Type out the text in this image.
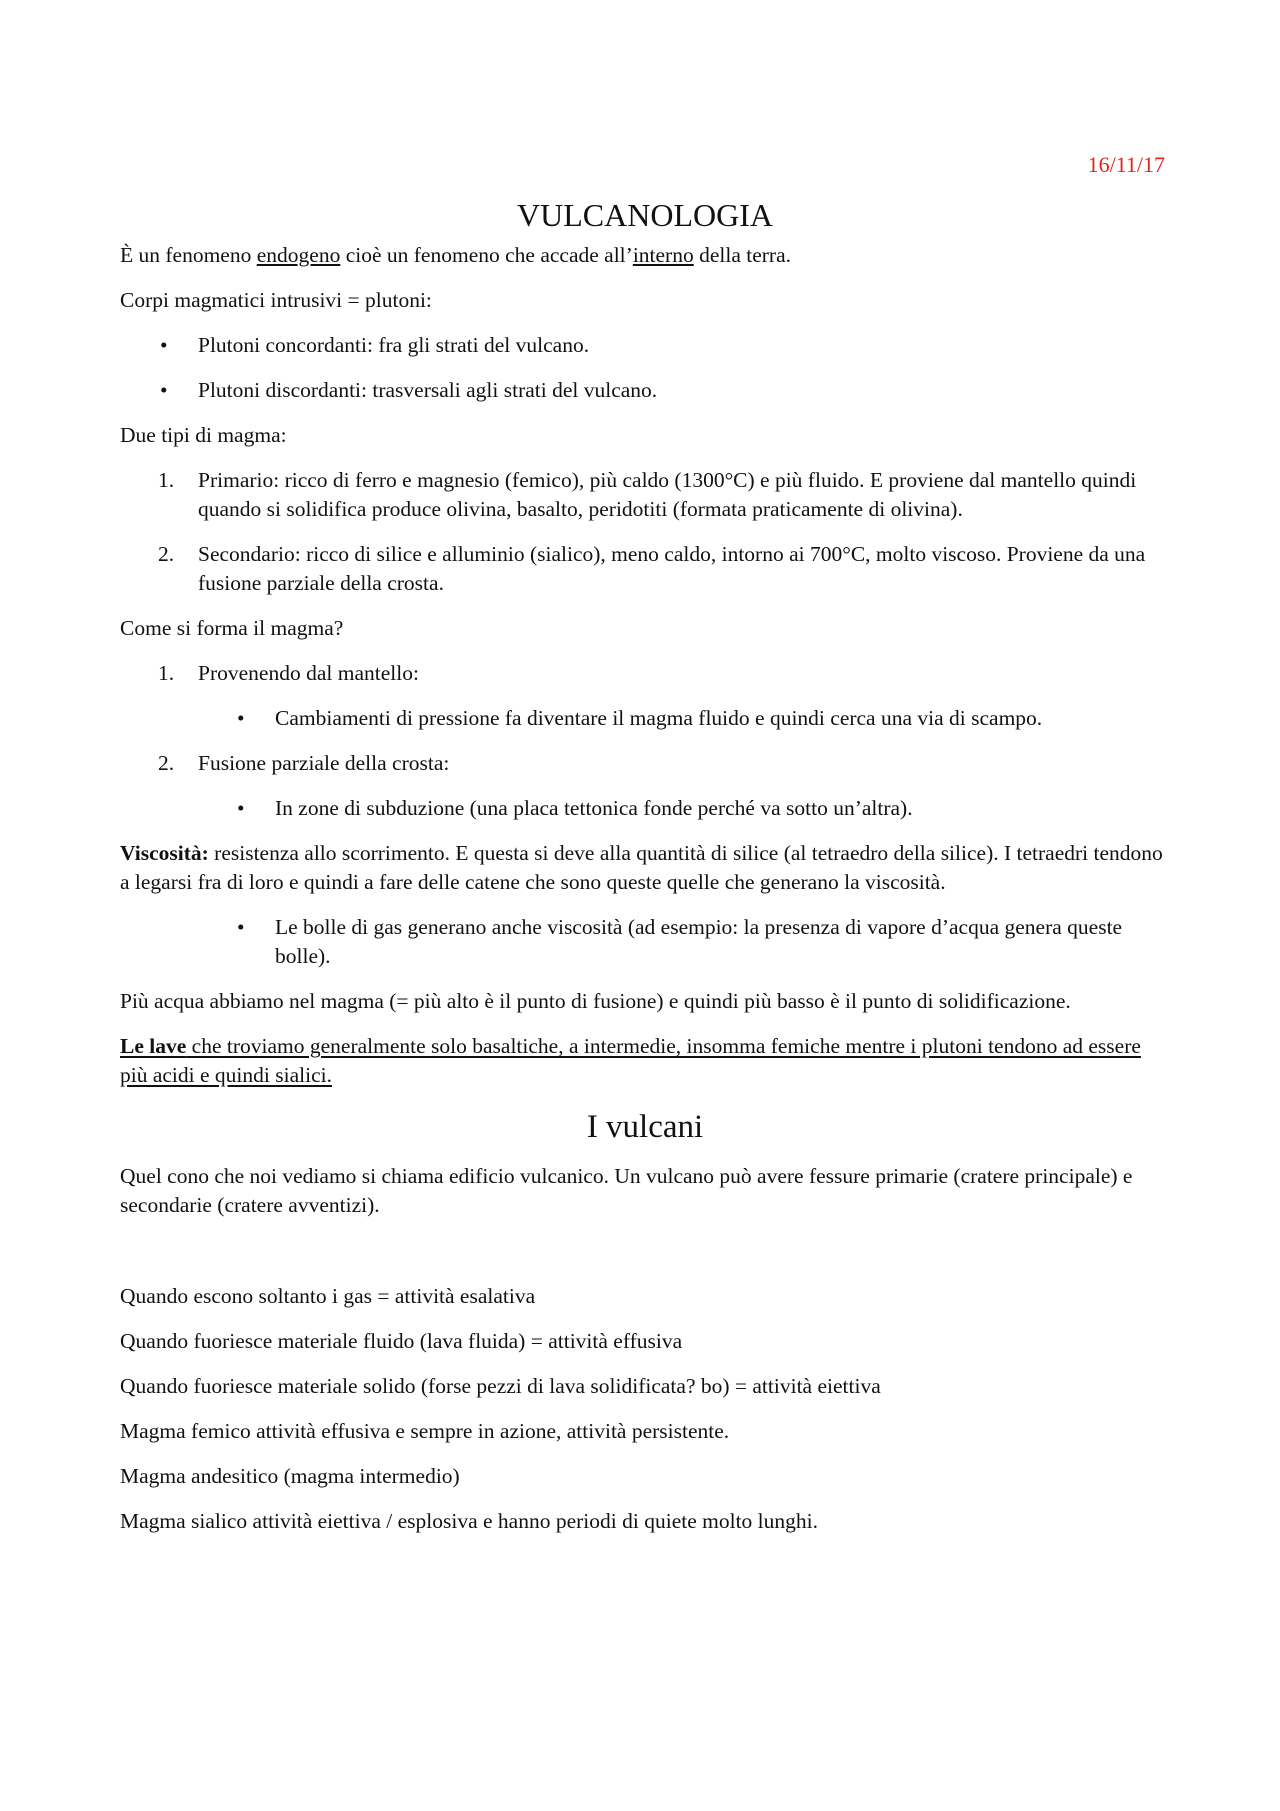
16/11/17
VULCANOLOGIA

È un fenomeno endogeno cioè un fenomeno che accade all’interno della terra.

Corpi magmatici intrusivi = plutoni:

• Plutoni concordanti: fra gli strati del vulcano.
• Plutoni discordanti: trasversali agli strati del vulcano.

Due tipi di magma:

1. Primario: ricco di ferro e magnesio (femico), più caldo (1300°C) e più fluido. E proviene dal mantello quindi quando si solidifica produce olivina, basalto, peridotiti (formata praticamente di olivina).
2. Secondario: ricco di silice e alluminio (sialico), meno caldo, intorno ai 700°C, molto viscoso. Proviene da una fusione parziale della crosta.

Come si forma il magma?

1. Provenendo dal mantello:
• Cambiamenti di pressione fa diventare il magma fluido e quindi cerca una via di scampo.
2. Fusione parziale della crosta:
• In zone di subduzione (una placa tettonica fonde perché va sotto un’altra).

Viscosità: resistenza allo scorrimento. E questa si deve alla quantità di silice (al tetraedro della silice). I tetraedri tendono a legarsi fra di loro e quindi a fare delle catene che sono queste quelle che generano la viscosità.

• Le bolle di gas generano anche viscosità (ad esempio: la presenza di vapore d’acqua genera queste bolle).

Più acqua abbiamo nel magma (= più alto è il punto di fusione) e quindi più basso è il punto di solidificazione.

Le lave che troviamo generalmente solo basaltiche, a intermedie, insomma femiche mentre i plutoni tendono ad essere più acidi e quindi sialici.

I vulcani

Quel cono che noi vediamo si chiama edificio vulcanico. Un vulcano può avere fessure primarie (cratere principale) e secondarie (cratere avventizi).

Quando escono soltanto i gas = attività esalativa

Quando fuoriesce materiale fluido (lava fluida) = attività effusiva

Quando fuoriesce materiale solido (forse pezzi di lava solidificata? bo) = attività eiettiva

Magma femico attività effusiva e sempre in azione, attività persistente.

Magma andesitico (magma intermedio)

Magma sialico attività eiettiva / esplosiva e hanno periodi di quiete molto lunghi.
